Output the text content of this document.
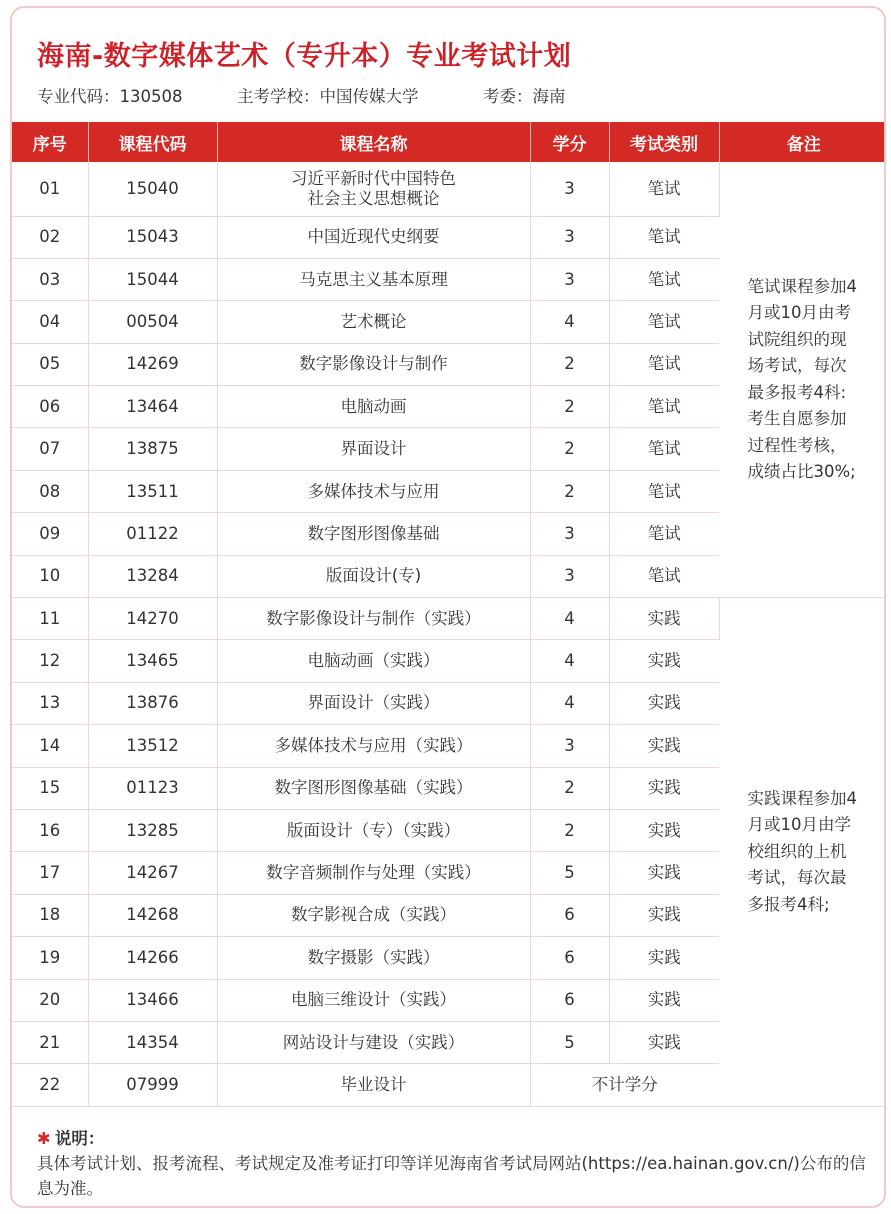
海南-数字媒体艺术（专升本）专业考试计划
专业代码：130508	主考学校：中国传媒大学	考委：海南
序号	课程代码	课程名称	学分	考试类别	备注
01	15040	习近平新时代中国特色
社会主义思想概论	3	笔试	笔试课程参加4月或10月由考试院组织的现场考试，每次最多报考4科: 考生自愿参加过程性考核，成绩占比30%;
02	15043	中国近现代史纲要	3	笔试	
03	15044	马克思主义基本原理	3	笔试	
04	00504	艺术概论	4	笔试	
05	14269	数字影像设计与制作	2	笔试	
06	13464	电脑动画	2	笔试	
07	13875	界面设计	2	笔试	
08	13511	多媒体技术与应用	2	笔试	
09	01122	数字图形图像基础	3	笔试	
10	13284	版面设计(专)	3	笔试	
11	14270	数字影像设计与制作（实践）	4	实践	实践课程参加4月或10月由学校组织的上机考试，每次最多报考4科;
12	13465	电脑动画（实践）	4	实践	
13	13876	界面设计（实践）	4	实践	
14	13512	多媒体技术与应用（实践）	3	实践	
15	01123	数字图形图像基础（实践）	2	实践	
16	13285	版面设计（专）（实践）	2	实践	
17	14267	数字音频制作与处理（实践）	5	实践	
18	14268	数字影视合成（实践）	6	实践	
19	14266	数字摄影（实践）	6	实践	
20	13466	电脑三维设计（实践）	6	实践	
21	14354	网站设计与建设（实践）	5	实践	
22	07999	毕业设计	不计学分		
✱ 说明：
具体考试计划、报考流程、考试规定及准考证打印等详见海南省考试局网站(https://ea.hainan.gov.cn/)公布的信息为准。
